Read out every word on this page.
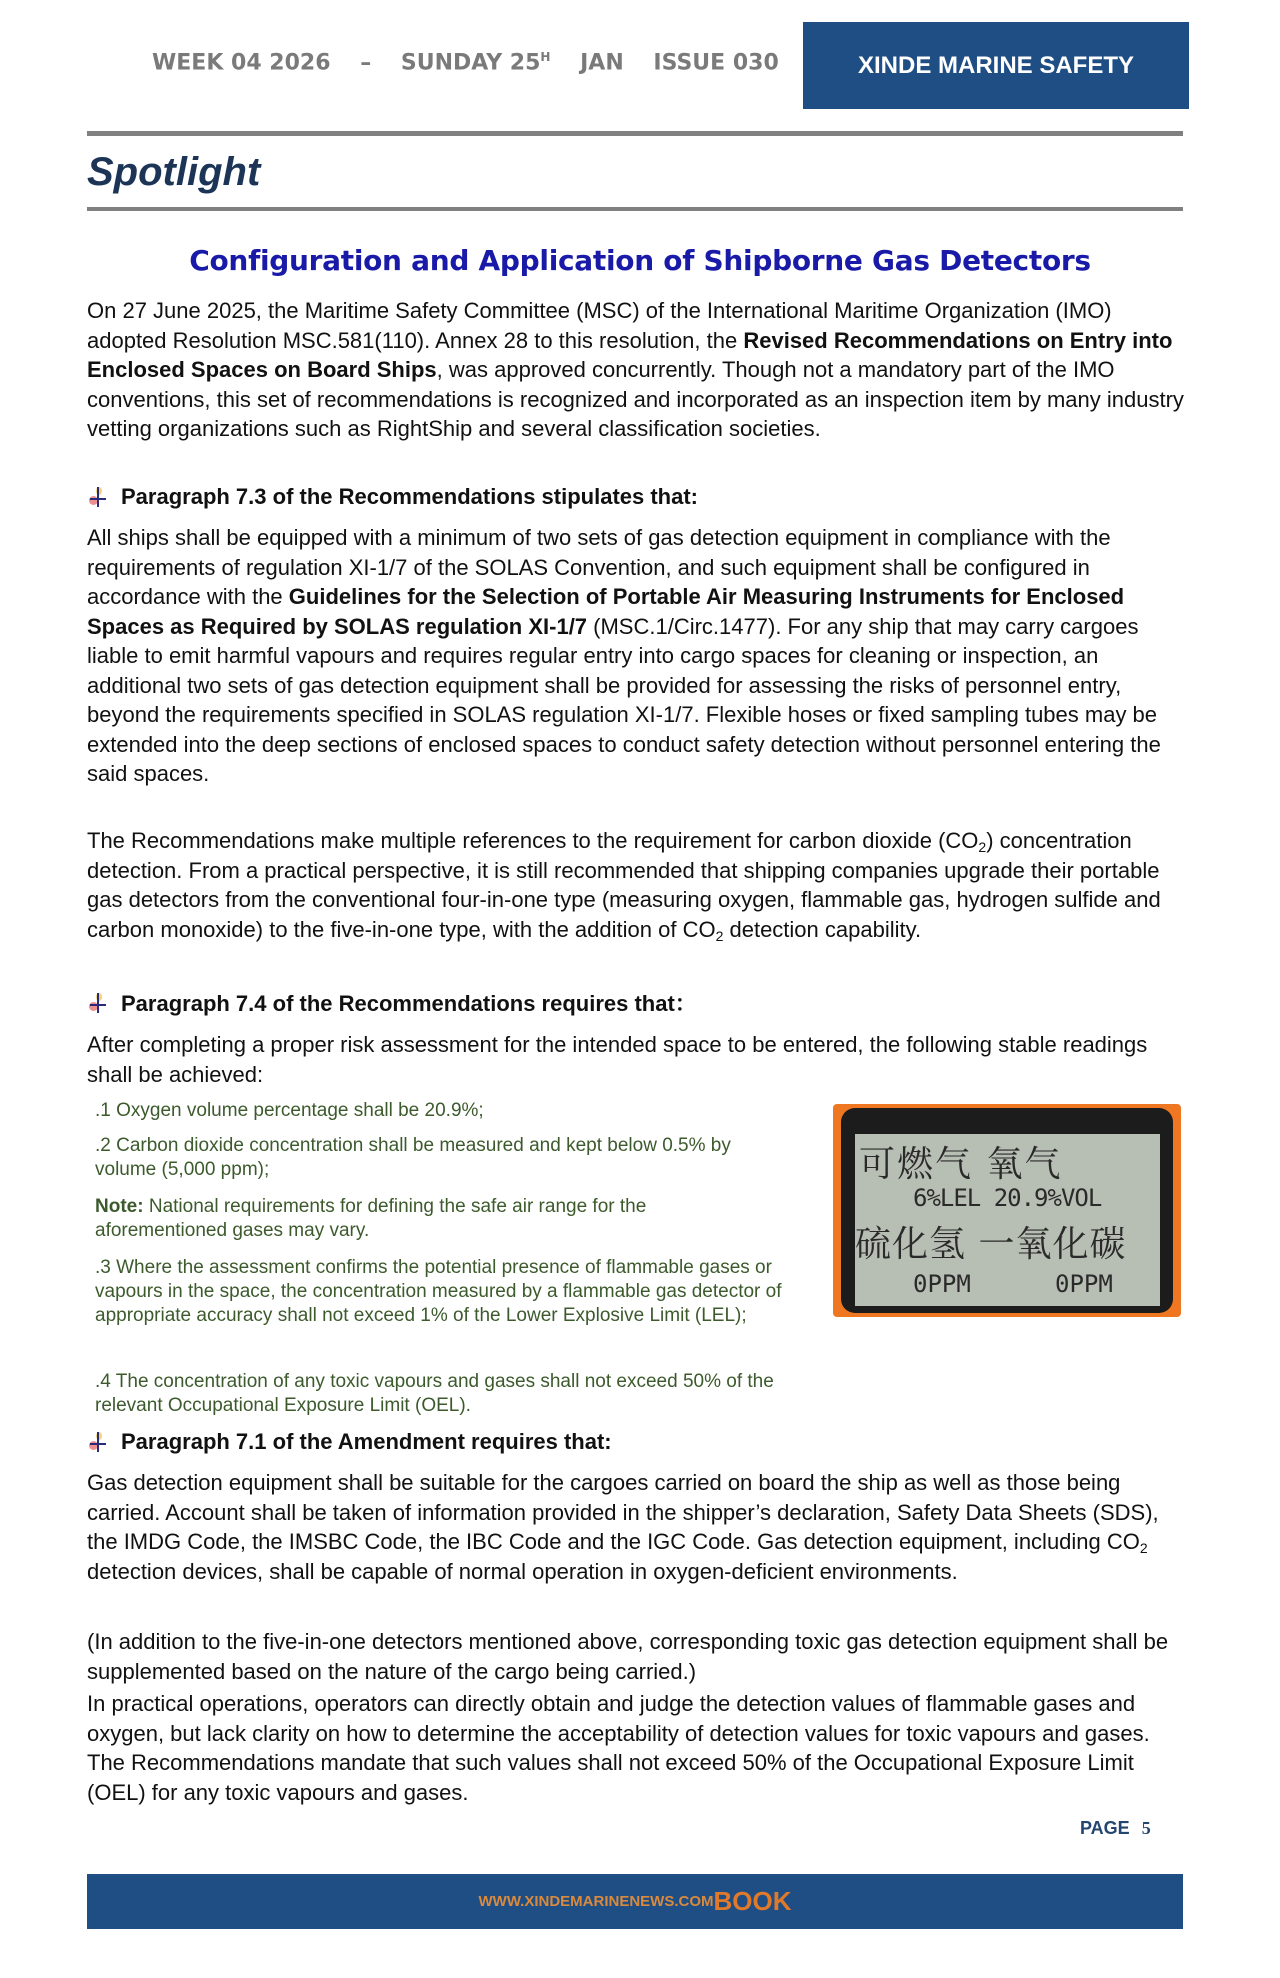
WEEK 04 2026 – SUNDAY $25^H$ JAN ISSUE 030	XINDE MARINE SAFETY
Spotlight
Configuration and Application of Shipborne Gas Detectors
On 27 June 2025, the Maritime Safety Committee (MSC) of the International Maritime Organization (IMO) adopted Resolution MSC.581(110). Annex 28 to this resolution, the Revised Recommendations on Entry into Enclosed Spaces on Board Ships, was approved concurrently. Though not a mandatory part of the IMO conventions, this set of recommendations is recognized and incorporated as an inspection item by many industry vetting organizations such as RightShip and several classification societies.
Paragraph 7.3 of the Recommendations stipulates that:
All ships shall be equipped with a minimum of two sets of gas detection equipment in compliance with the requirements of regulation XI-1/7 of the SOLAS Convention, and such equipment shall be configured in accordance with the Guidelines for the Selection of Portable Air Measuring Instruments for Enclosed Spaces as Required by SOLAS regulation XI-1/7 (MSC.1/Circ.1477). For any ship that may carry cargoes liable to emit harmful vapours and requires regular entry into cargo spaces for cleaning or inspection, an additional two sets of gas detection equipment shall be provided for assessing the risks of personnel entry, beyond the requirements specified in SOLAS regulation XI-1/7. Flexible hoses or fixed sampling tubes may be extended into the deep sections of enclosed spaces to conduct safety detection without personnel entering the said spaces.
The Recommendations make multiple references to the requirement for carbon dioxide $(CO_2)$ concentration detection. From a practical perspective, it is still recommended that shipping companies upgrade their portable gas detectors from the conventional four-in-one type (measuring oxygen, flammable gas, hydrogen sulfide and carbon monoxide) to the five-in-one type, with the addition of $CO_2$ detection capability.
Paragraph 7.4 of the Recommendations requires that：
After completing a proper risk assessment for the intended space to be entered, the following stable readings shall be achieved:
.1 Oxygen volume percentage shall be 20.9%;
.2 Carbon dioxide concentration shall be measured and kept below 0.5% by volume (5,000 ppm);
Note: National requirements for defining the safe air range for the aforementioned gases may vary.
.3 Where the assessment confirms the potential presence of flammable gases or vapours in the space, the concentration measured by a flammable gas detector of appropriate accuracy shall not exceed 1% of the Lower Explosive Limit (LEL);
.4 The concentration of any toxic vapours and gases shall not exceed 50% of the relevant Occupational Exposure Limit (OEL).
可燃气 氧气
6%LEL 20.9%VOL
硫化氢 一氧化碳
0PPM	0PPM
Paragraph 7.1 of the Amendment requires that:
Gas detection equipment shall be suitable for the cargoes carried on board the ship as well as those being carried. Account shall be taken of information provided in the shipper’s declaration, Safety Data Sheets (SDS), the IMDG Code, the IMSBC Code, the IBC Code and the IGC Code. Gas detection equipment, including $CO_2$ detection devices, shall be capable of normal operation in oxygen-deficient environments.
(In addition to the five-in-one detectors mentioned above, corresponding toxic gas detection equipment shall be supplemented based on the nature of the cargo being carried.)
In practical operations, operators can directly obtain and judge the detection values of flammable gases and oxygen, but lack clarity on how to determine the acceptability of detection values for toxic vapours and gases. The Recommendations mandate that such values shall not exceed 50% of the Occupational Exposure Limit (OEL) for any toxic vapours and gases.
PAGE 5
WWW.XINDEMARINENEWS.COM BOOK
